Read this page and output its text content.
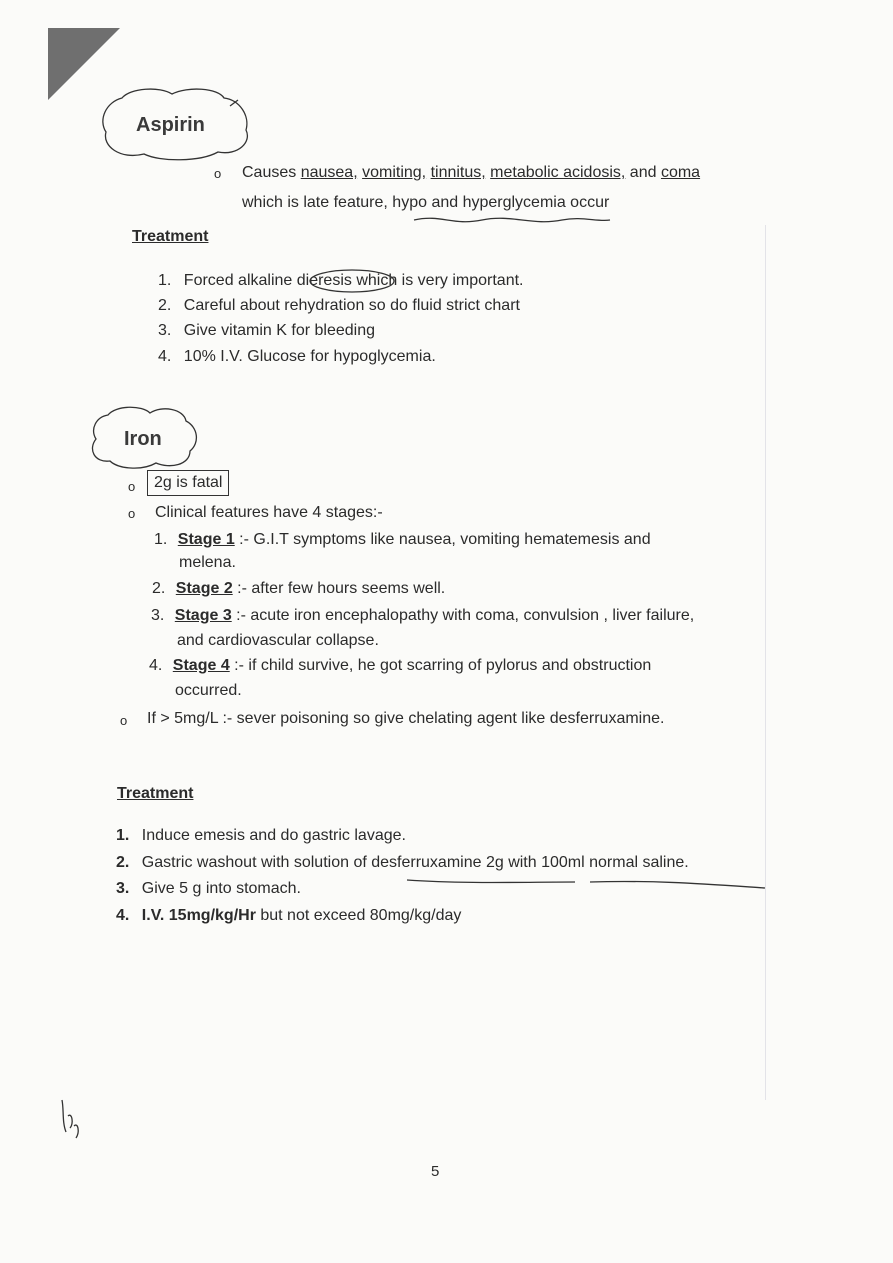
Aspirin
o Causes nausea, vomiting, tinnitus, metabolic acidosis, and coma
which is late feature, hypo and hyperglycemia occur
Treatment
1. Forced alkaline dieresis which is very important.
2. Careful about rehydration so do fluid strict chart
3. Give vitamin K for bleeding
4. 10% I.V. Glucose for hypoglycemia.
Iron
o	2g is fatal
o Clinical features have 4 stages:-
1. Stage 1 :- G.I.T symptoms like nausea, vomiting hematemesis and
melena.
2. Stage 2 :- after few hours seems well.
3. Stage 3 :- acute iron encephalopathy with coma, convulsion , liver failure,
and cardiovascular collapse.
4. Stage 4 :- if child survive, he got scarring of pylorus and obstruction
occurred.
o If > 5mg/L :- sever poisoning so give chelating agent like desferruxamine.
Treatment
1. Induce emesis and do gastric lavage.
2. Gastric washout with solution of desferruxamine 2g with 100ml normal saline.
3. Give 5 g into stomach.
4. I.V. 15mg/kg/Hr but not exceed 80mg/kg/day
5
